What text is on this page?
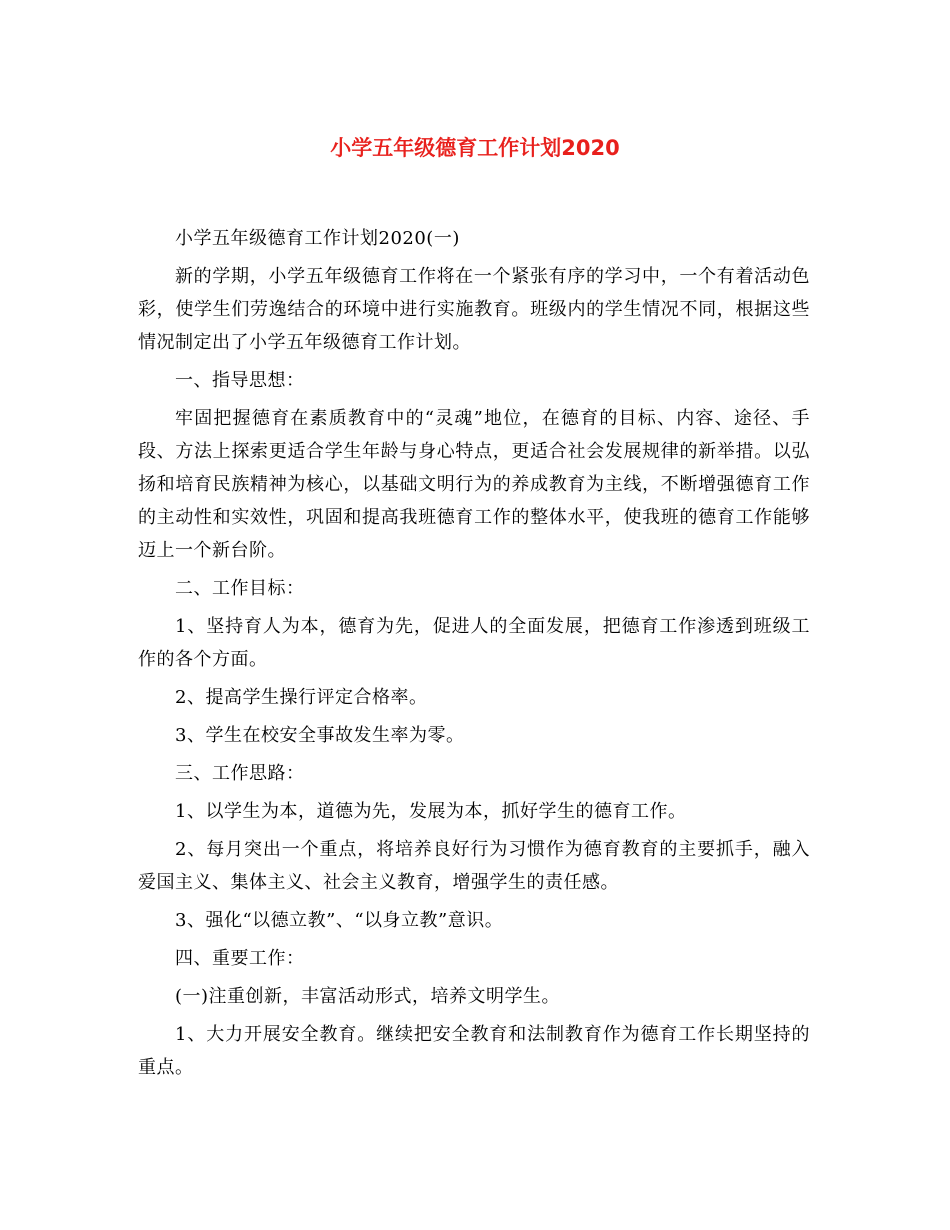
小学五年级德育工作计划2020

小学五年级德育工作计划2020(一)

新的学期，小学五年级德育工作将在一个紧张有序的学习中，一个有着活动色彩，使学生们劳逸结合的环境中进行实施教育。班级内的学生情况不同，根据这些情况制定出了小学五年级德育工作计划。

一、指导思想：

牢固把握德育在素质教育中的“灵魂”地位，在德育的目标、内容、途径、手段、方法上探索更适合学生年龄与身心特点，更适合社会发展规律的新举措。以弘扬和培育民族精神为核心，以基础文明行为的养成教育为主线，不断增强德育工作的主动性和实效性，巩固和提高我班德育工作的整体水平，使我班的德育工作能够迈上一个新台阶。

二、工作目标：

1、坚持育人为本，德育为先，促进人的全面发展，把德育工作渗透到班级工作的各个方面。

2、提高学生操行评定合格率。

3、学生在校安全事故发生率为零。

三、工作思路：

1、以学生为本，道德为先，发展为本，抓好学生的德育工作。

2、每月突出一个重点，将培养良好行为习惯作为德育教育的主要抓手，融入爱国主义、集体主义、社会主义教育，增强学生的责任感。

3、强化“以德立教”、“以身立教”意识。

四、重要工作：

(一)注重创新，丰富活动形式，培养文明学生。

1、大力开展安全教育。继续把安全教育和法制教育作为德育工作长期坚持的重点。
